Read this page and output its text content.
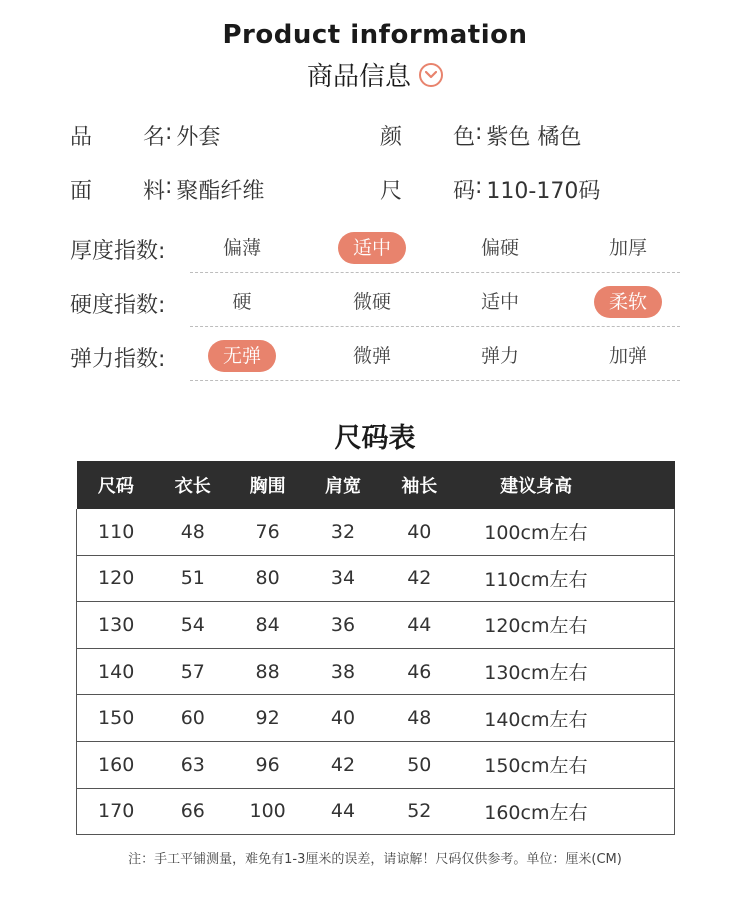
Product information
商品信息
品名 : 外套	颜色 : 紫色 橘色
面料 : 聚酯纤维	尺码 : 110-170码
厚度指数:	偏薄	适中	偏硬	加厚
硬度指数:	硬	微硬	适中	柔软
弹力指数:	无弹	微弹	弹力	加弹
尺码表
尺码	衣长	胸围	肩宽	袖长	建议身高
110	48	76	32	40	100cm左右
120	51	80	34	42	110cm左右
130	54	84	36	44	120cm左右
140	57	88	38	46	130cm左右
150	60	92	40	48	140cm左右
160	63	96	42	50	150cm左右
170	66	100	44	52	160cm左右
注：手工平铺测量，难免有1-3厘米的误差，请谅解！尺码仅供参考。单位：厘米(CM)
